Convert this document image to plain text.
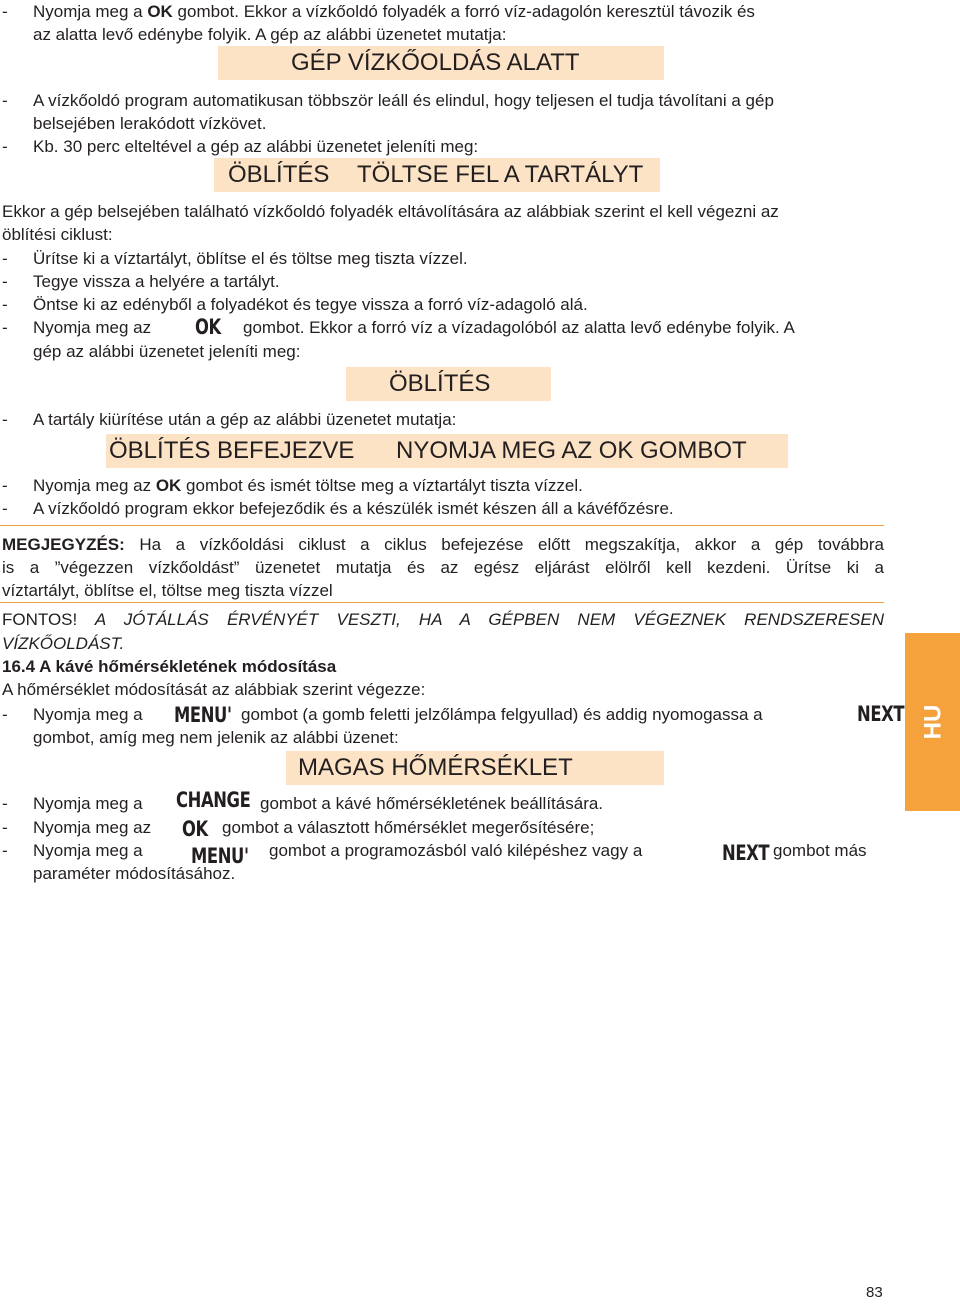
- Nyomja meg a OK gombot. Ekkor a vízkőoldó folyadék a forró víz-adagolón keresztül távozik és
az alatta levő edénybe folyik. A gép az alábbi üzenetet mutatja:
GÉP VÍZKŐOLDÁS ALATT
- A vízkőoldó program automatikusan többször leáll és elindul, hogy teljesen el tudja távolítani a gép
belsejében lerakódott vízkövet.
- Kb. 30 perc elteltével a gép az alábbi üzenetet jeleníti meg:
ÖBLÍTÉS TÖLTSE FEL A TARTÁLYT
Ekkor a gép belsejében található vízkőoldó folyadék eltávolítására az alábbiak szerint el kell végezni az
öblítési ciklust:
- Ürítse ki a víztartályt, öblítse el és töltse meg tiszta vízzel.
- Tegye vissza a helyére a tartályt.
- Öntse ki az edényből a folyadékot és tegye vissza a forró víz-adagoló alá.
- Nyomja meg az OK gombot. Ekkor a forró víz a vízadagolóból az alatta levő edénybe folyik. A
gép az alábbi üzenetet jeleníti meg:
ÖBLÍTÉS
- A tartály kiürítése után a gép az alábbi üzenetet mutatja:
ÖBLÍTÉS BEFEJEZVE NYOMJA MEG AZ OK GOMBOT
- Nyomja meg az OK gombot és ismét töltse meg a víztartályt tiszta vízzel.
- A vízkőoldó program ekkor befejeződik és a készülék ismét készen áll a kávéfőzésre.
MEGJEGYZÉS: Ha a vízkőoldási ciklust a ciklus befejezése előtt megszakítja, akkor a gép továbbra
is a ”végezzen vízkőoldást” üzenetet mutatja és az egész eljárást elölről kell kezdeni. Ürítse ki a
víztartályt, öblítse el, töltse meg tiszta vízzel
FONTOS! A JÓTÁLLÁS ÉRVÉNYÉT VESZTI, HA A GÉPBEN NEM VÉGEZNEK RENDSZERESEN
VÍZKŐOLDÁST.
16.4 A kávé hőmérsékletének módosítása
A hőmérséklet módosítását az alábbiak szerint végezze:
- Nyomja meg a MENU' gombot (a gomb feletti jelzőlámpa felgyullad) és addig nyomogassa a	NEXT
gombot, amíg meg nem jelenik az alábbi üzenet:
MAGAS HŐMÉRSÉKLET
- Nyomja meg a CHANGE gombot a kávé hőmérsékletének beállítására.
- Nyomja meg az OK gombot a választott hőmérséklet megerősítésére;
- Nyomja meg a MENU' gombot a programozásból való kilépéshez vagy a	NEXT gombot más
paraméter módosításához.
HU
83
